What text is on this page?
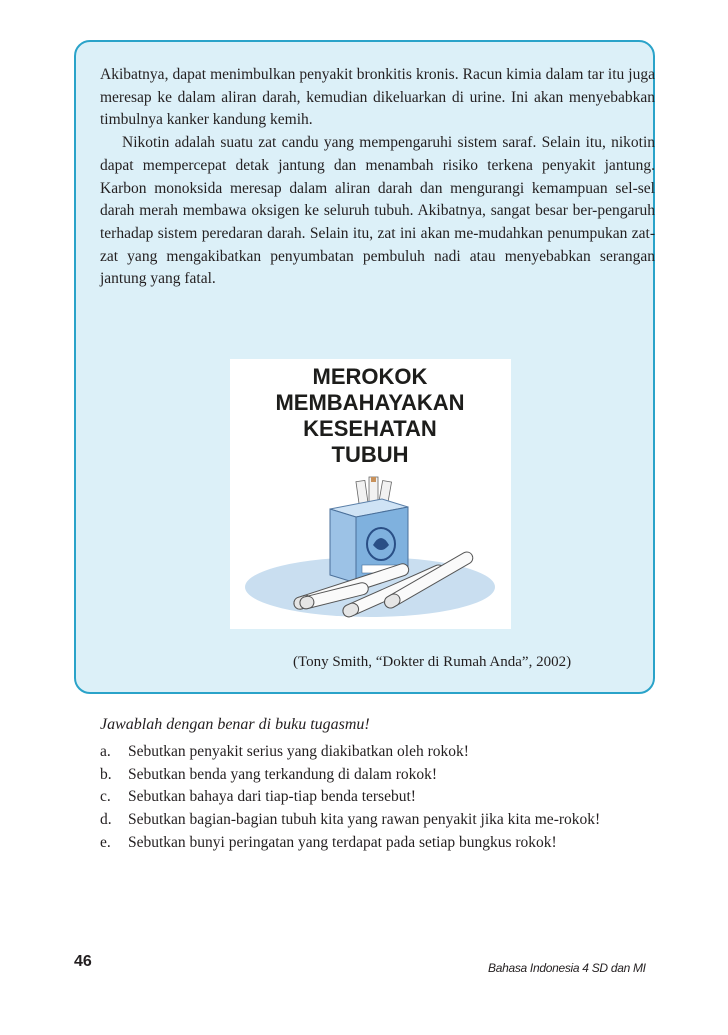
Akibatnya, dapat menimbulkan penyakit bronkitis kronis. Racun kimia dalam tar itu juga meresap ke dalam aliran darah, kemudian dikeluarkan di urine. Ini akan menyebabkan timbulnya kanker kandung kemih.

Nikotin adalah suatu zat candu yang mempengaruhi sistem saraf. Selain itu, nikotin dapat mempercepat detak jantung dan menambah risiko terkena penyakit jantung. Karbon monoksida meresap dalam aliran darah dan mengurangi kemampuan sel-sel darah merah membawa oksigen ke seluruh tubuh. Akibatnya, sangat besar ber-pengaruh terhadap sistem peredaran darah. Selain itu, zat ini akan me-mudahkan penumpukan zat-zat yang mengakibatkan penyumbatan pembuluh nadi atau menyebabkan serangan jantung yang fatal.

MEROKOK
MEMBAHAYAKAN
KESEHATAN
TUBUH
(Tony Smith, “Dokter di Rumah Anda”, 2002)
Jawablah dengan benar di buku tugasmu!
a.	Sebutkan penyakit serius yang diakibatkan oleh rokok!
b.	Sebutkan benda yang terkandung di dalam rokok!
c.	Sebutkan bahaya dari tiap-tiap benda tersebut!
d.	Sebutkan bagian-bagian tubuh kita yang rawan penyakit jika kita me-rokok!
e.	Sebutkan bunyi peringatan yang terdapat pada setiap bungkus rokok!
46	Bahasa Indonesia 4 SD dan MI
